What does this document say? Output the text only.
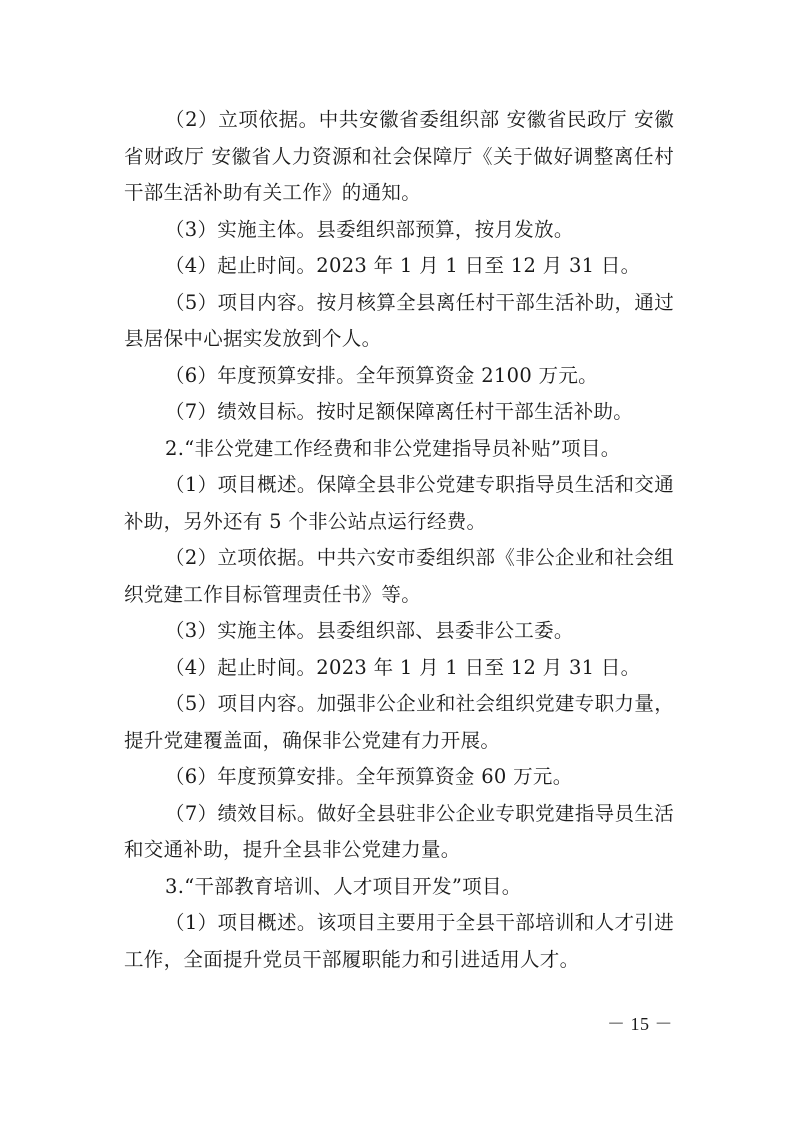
（2）立项依据。中共安徽省委组织部 安徽省民政厅 安徽省财政厅 安徽省人力资源和社会保障厅《关于做好调整离任村干部生活补助有关工作》的通知。

（3）实施主体。县委组织部预算，按月发放。

（4）起止时间。2023 年 1 月 1 日至 12 月 31 日。

（5）项目内容。按月核算全县离任村干部生活补助，通过县居保中心据实发放到个人。

（6）年度预算安排。全年预算资金 2100 万元。

（7）绩效目标。按时足额保障离任村干部生活补助。

2.“非公党建工作经费和非公党建指导员补贴”项目。

（1）项目概述。保障全县非公党建专职指导员生活和交通补助，另外还有 5 个非公站点运行经费。

（2）立项依据。中共六安市委组织部《非公企业和社会组织党建工作目标管理责任书》等。

（3）实施主体。县委组织部、县委非公工委。

（4）起止时间。2023 年 1 月 1 日至 12 月 31 日。

（5）项目内容。加强非公企业和社会组织党建专职力量，提升党建覆盖面，确保非公党建有力开展。

（6）年度预算安排。全年预算资金 60 万元。

（7）绩效目标。做好全县驻非公企业专职党建指导员生活和交通补助，提升全县非公党建力量。

3.“干部教育培训、人才项目开发”项目。

（1）项目概述。该项目主要用于全县干部培训和人才引进工作，全面提升党员干部履职能力和引进适用人才。

－ 15 －
